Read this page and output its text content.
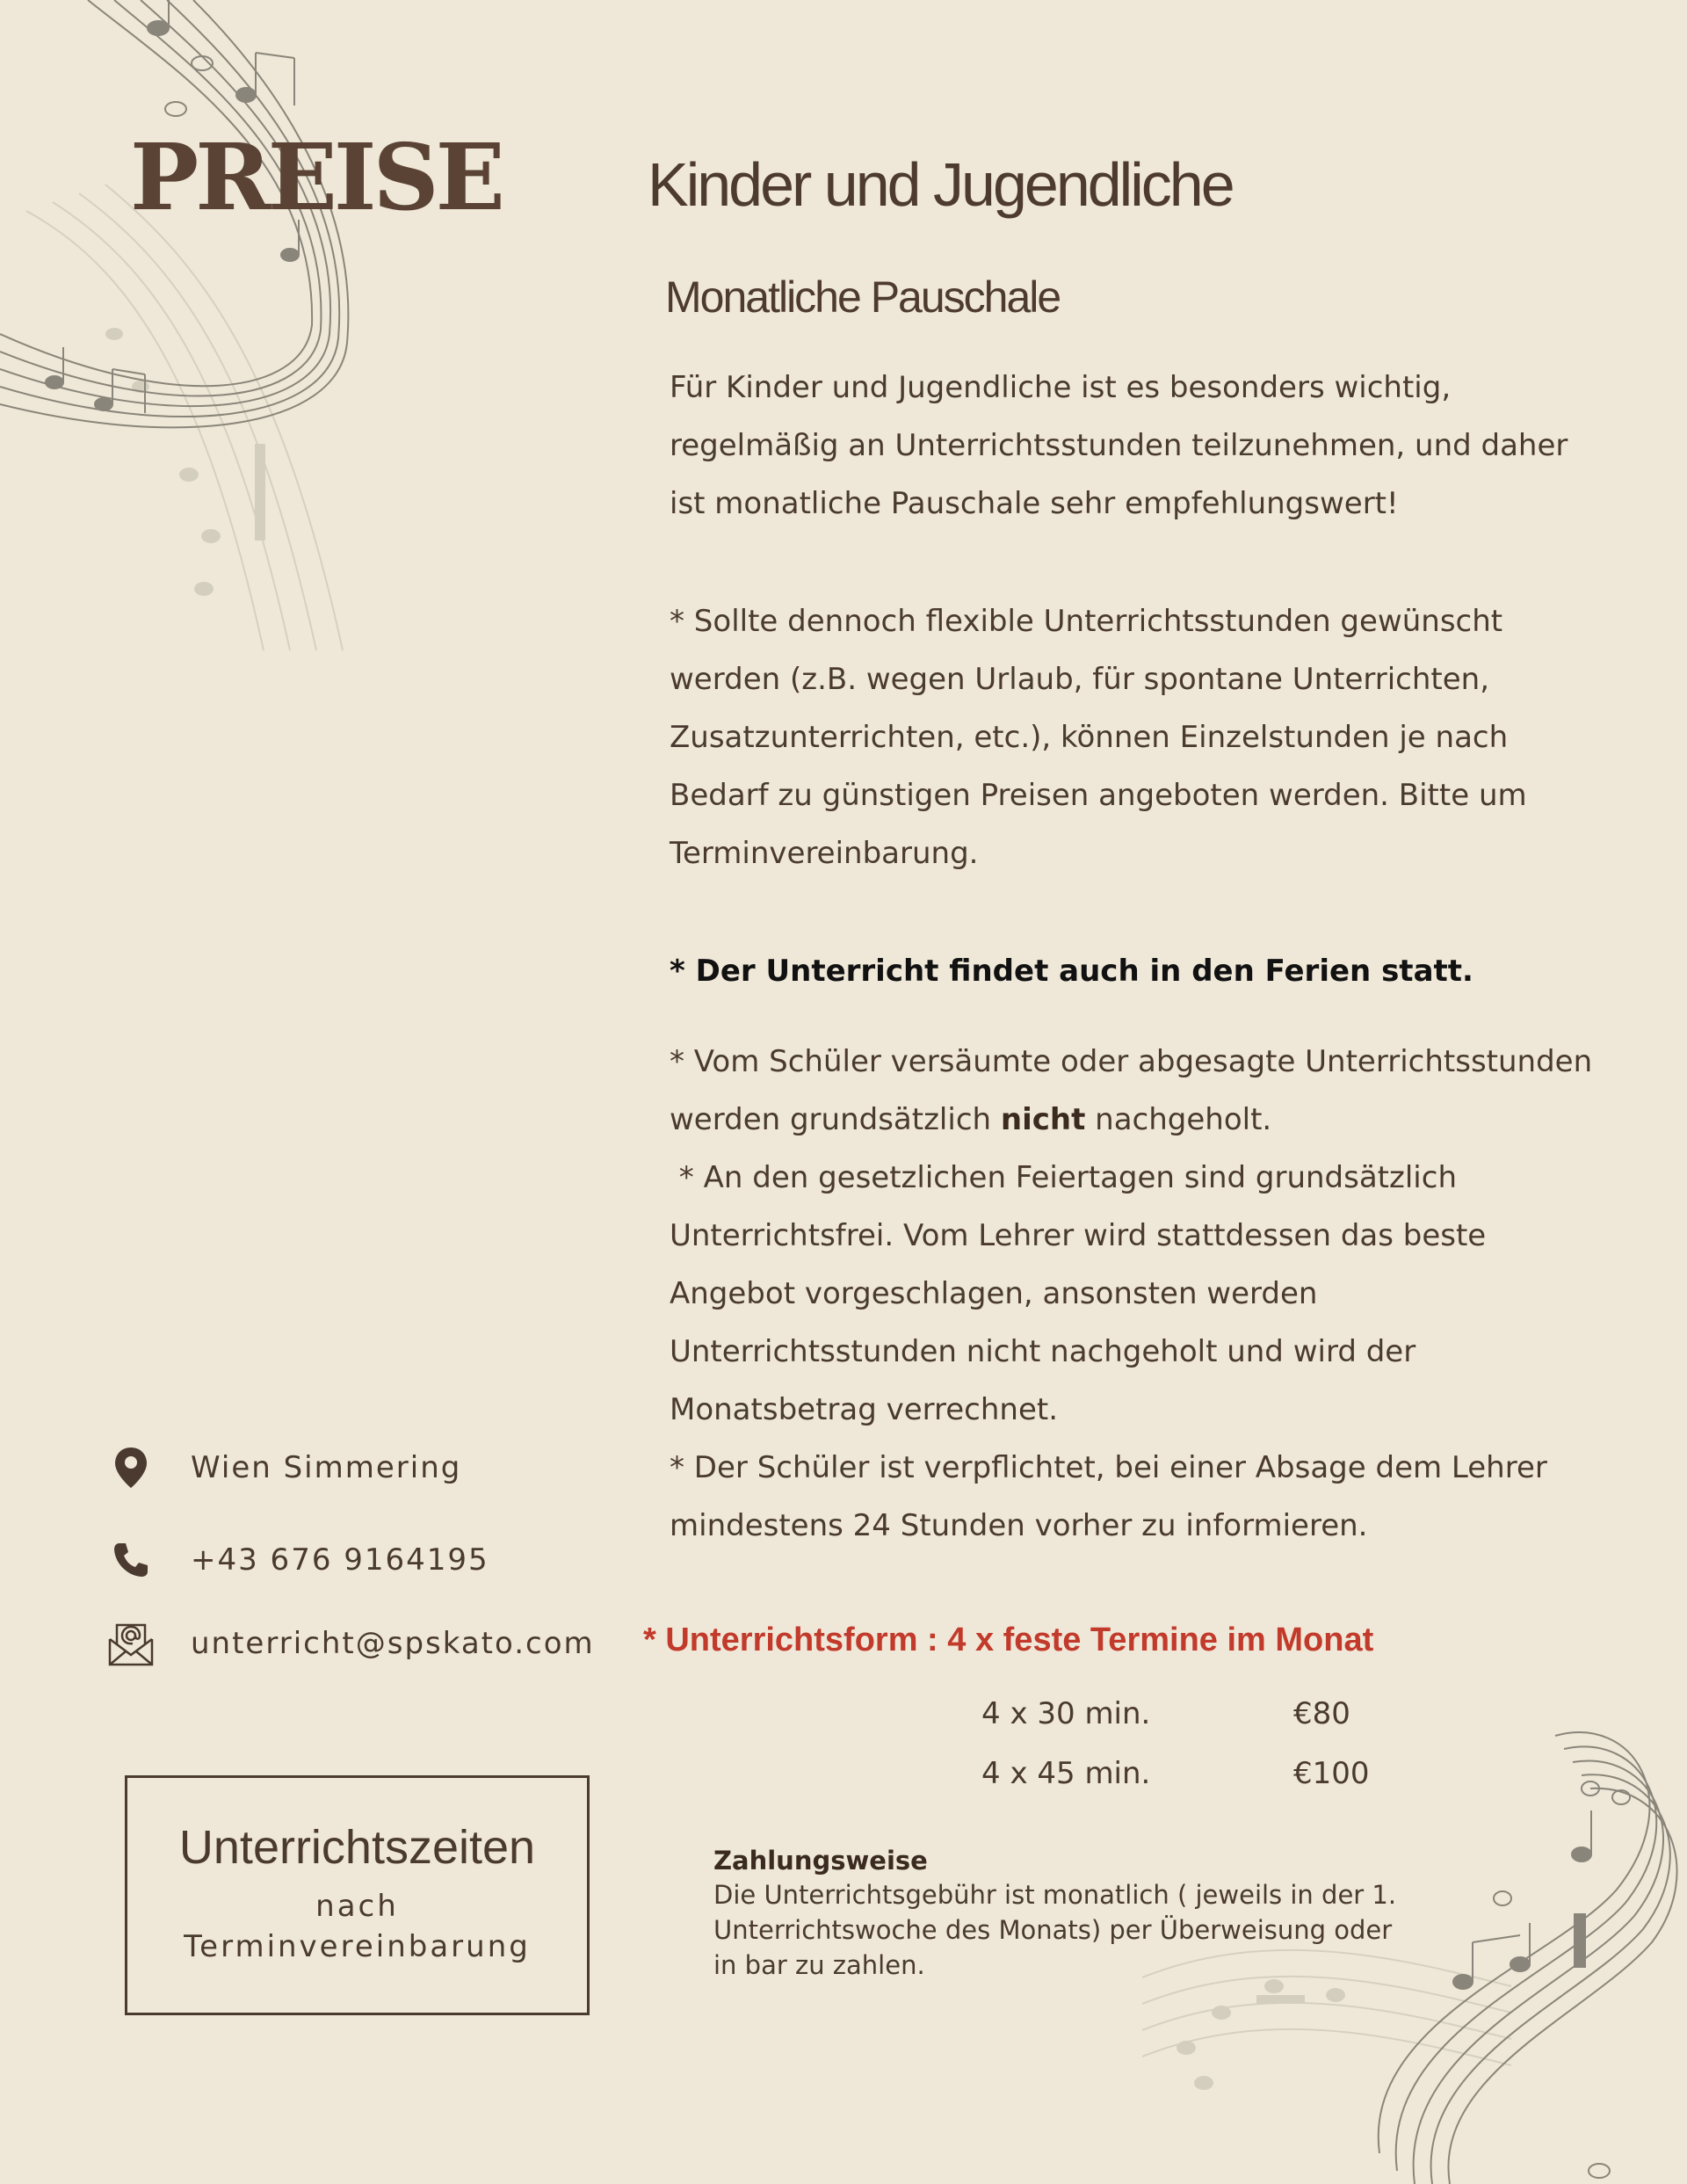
PREISE Kinder und Jugendliche
Monatliche Pauschale

Für Kinder und Jugendliche ist es besonders wichtig,

regelmäßig an Unterrichtsstunden teilzunehmen, und daher

ist monatliche Pauschale sehr empfehlungswert!

* Sollte dennoch flexible Unterrichtsstunden gewünscht

werden (z.B. wegen Urlaub, für spontane Unterrichten,

Zusatzunterrichten, etc.), können Einzelstunden je nach

Bedarf zu günstigen Preisen angeboten werden. Bitte um

Terminvereinbarung.

* Der Unterricht findet auch in den Ferien statt.

* Vom Schüler versäumte oder abgesagte Unterrichtsstunden

werden grundsätzlich nicht nachgeholt.

* An den gesetzlichen Feiertagen sind grundsätzlich

Unterrichtsfrei. Vom Lehrer wird stattdessen das beste

Angebot vorgeschlagen, ansonsten werden

Unterrichtsstunden nicht nachgeholt und wird der

Monatsbetrag verrechnet.

* Der Schüler ist verpflichtet, bei einer Absage dem Lehrer

mindestens 24 Stunden vorher zu informieren.

Wien Simmering
+43 676 9164195
unterricht@spskato.com
Unterrichtszeiten
nach
Terminvereinbarung
* Unterrichtsform : 4 x feste Termine im Monat
4 x 30 min.	€80
4 x 45 min.	€100
Zahlungsweise
Die Unterrichtsgebühr ist monatlich ( jeweils in der 1.
Unterrichtswoche des Monats) per Überweisung oder
in bar zu zahlen.
